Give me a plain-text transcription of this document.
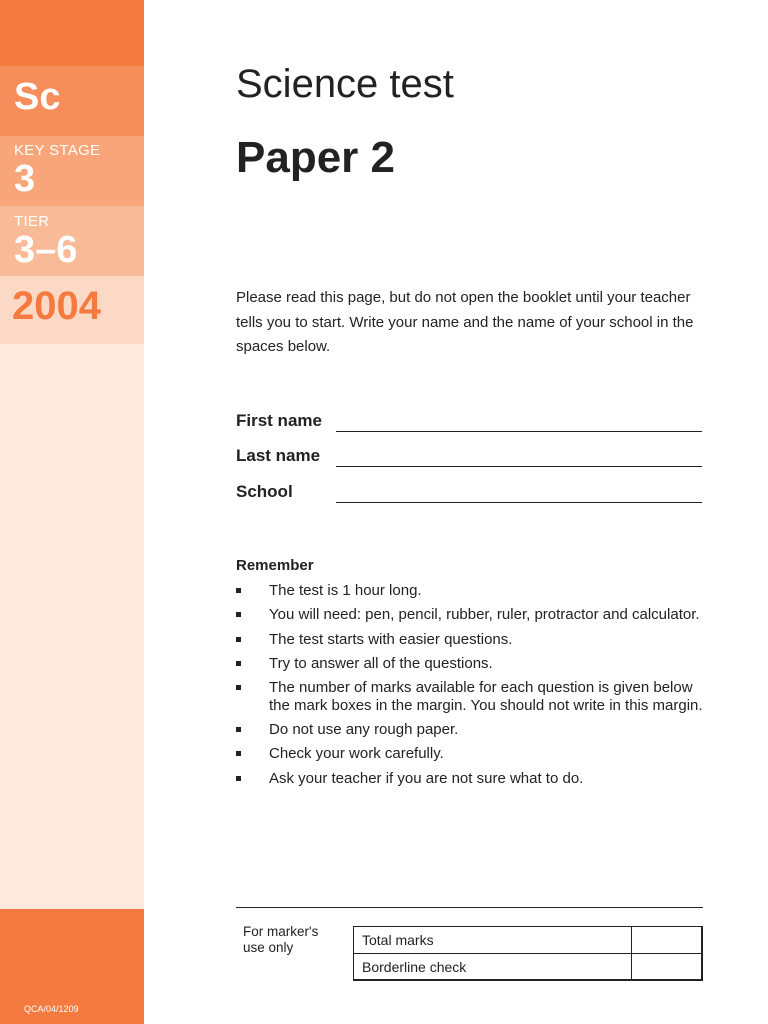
Sc
KEY STAGE
3
TIER
3–6
2004
QCA/04/1209
Science test
Paper 2
Please read this page, but do not open the booklet until your teacher tells you to start. Write your name and the name of your school in the spaces below.
First name
Last name
School
Remember
The test is 1 hour long.
You will need: pen, pencil, rubber, ruler, protractor and calculator.
The test starts with easier questions.
Try to answer all of the questions.
The number of marks available for each question is given below the mark boxes in the margin. You should not write in this margin.
Do not use any rough paper.
Check your work carefully.
Ask your teacher if you are not sure what to do.
For marker's use only	Total marks
Borderline check
